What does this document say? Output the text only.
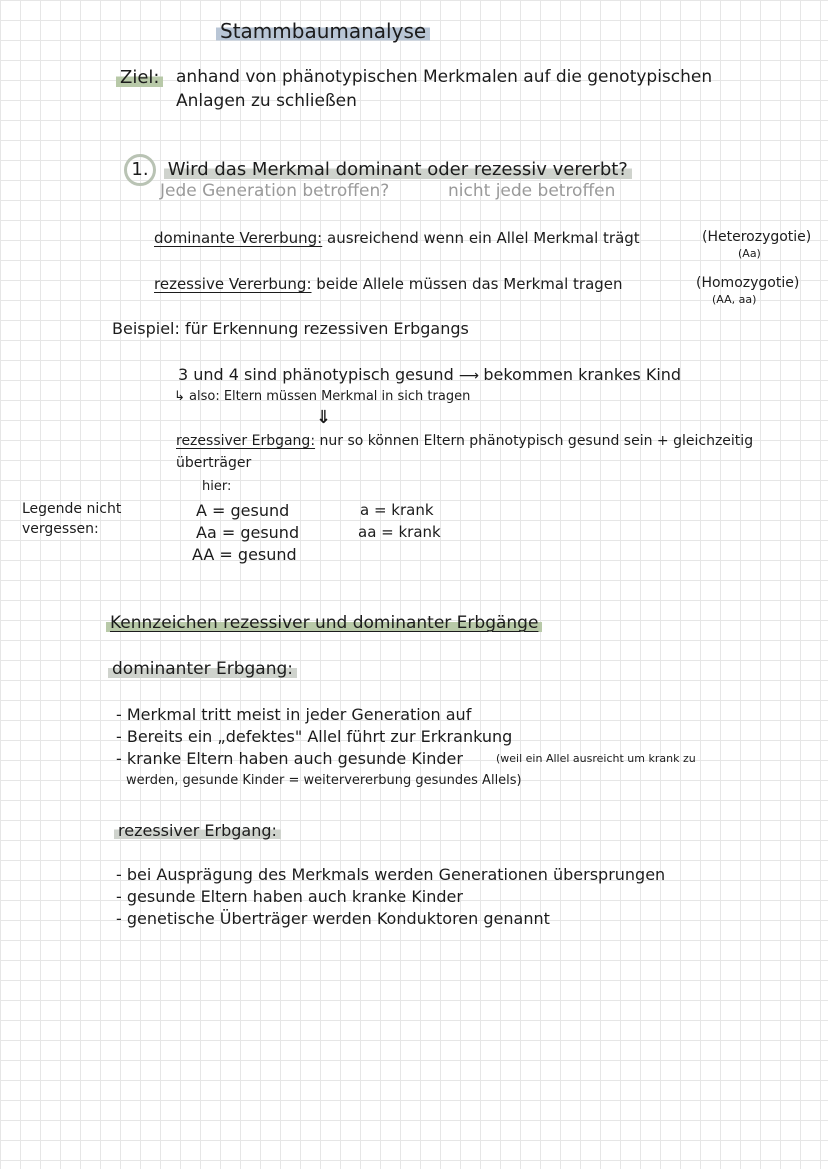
Stammbaumanalyse
Ziel: anhand von phänotypischen Merkmalen auf die genotypischen
Anlagen zu schließen
1. Wird das Merkmal dominant oder rezessiv vererbt?
Jede Generation betroffen?	nicht jede betroffen
dominante Vererbung: ausreichend wenn ein Allel Merkmal trägt	(Heterozygotie)
(Aa)
rezessive Vererbung: beide Allele müssen das Merkmal tragen	(Homozygotie)
(AA, aa)
Beispiel: für Erkennung rezessiven Erbgangs
3 und 4 sind phänotypisch gesund ⟶ bekommen krankes Kind
↳ also: Eltern müssen Merkmal in sich tragen
⇓
rezessiver Erbgang: nur so können Eltern phänotypisch gesund sein + gleichzeitig
überträger
hier:
Legende nicht
vergessen:
A = gesund
Aa = gesund
AA = gesund
a = krank
aa = krank
Kennzeichen rezessiver und dominanter Erbgänge
dominanter Erbgang:
- Merkmal tritt meist in jeder Generation auf
- Bereits ein „defektes" Allel führt zur Erkrankung
- kranke Eltern haben auch gesunde Kinder	(weil ein Allel ausreicht um krank zu
werden, gesunde Kinder = weitervererbung gesundes Allels)
rezessiver Erbgang:
- bei Ausprägung des Merkmals werden Generationen übersprungen
- gesunde Eltern haben auch kranke Kinder
- genetische Überträger werden Konduktoren genannt
